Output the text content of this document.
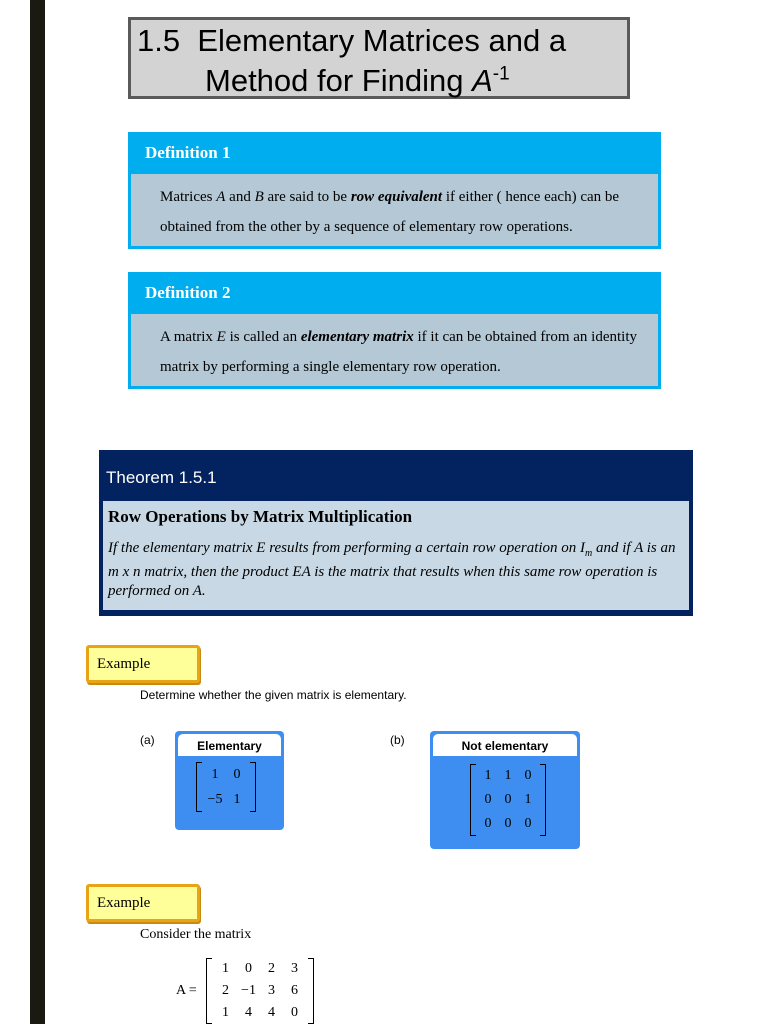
1.5 Elementary Matrices and a
Method for Finding $A^{-1}$
Definition 1
Matrices A and B are said to be row equivalent if either ( hence each) can be obtained from the other by a sequence of elementary row operations.
Definition 2
A matrix E is called an elementary matrix if it can be obtained from an identity matrix by performing a single elementary row operation.
Theorem 1.5.1
Row Operations by Matrix Multiplication
If the elementary matrix E results from performing a certain row operation on $I_m$ and if A is an m x n matrix, then the product EA is the matrix that results when this same row operation is performed on A.
Example
Determine whether the given matrix is elementary.
(a)	Elementary
1	0
−5 1
(b)	Not elementary
1 1 0
0 0 1
0 0 0
Example
Consider the matrix
A =
1	0	2	3
2 −1 3	6
1	4	4	0
